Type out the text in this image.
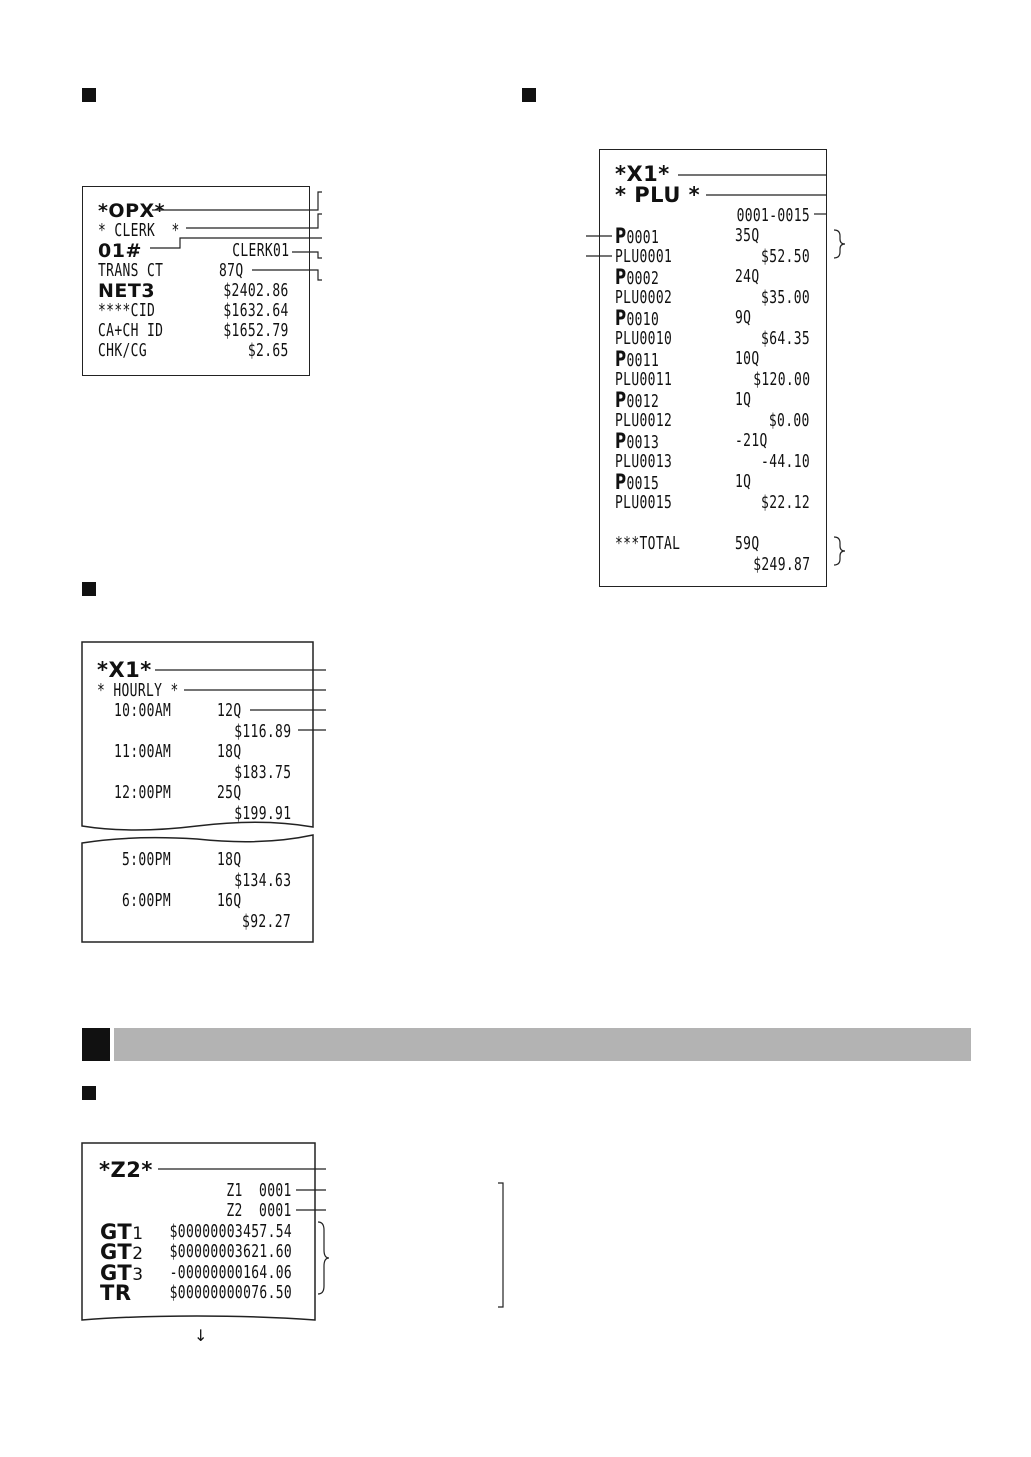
*OPX*
* CLERK  *
01#	CLERK01
TRANS CT	87Q
NET3	$2402.86
****CID	$1632.64
CA+CH ID	$1652.79
CHK/CG	$2.65
*X1*
* PLU *
0001-0015
P0001	35Q
PLU0001	$52.50
P0002	24Q
PLU0002	$35.00
P0010	9Q
PLU0010	$64.35
P0011	10Q
PLU0011	$120.00
P0012	1Q
PLU0012	$0.00
P0013	-21Q
PLU0013	-44.10
P0015	1Q
PLU0015	$22.12
***TOTAL	59Q
$249.87
*X1*
* HOURLY *
10:00AM	12Q
$116.89
11:00AM	18Q
$183.75
12:00PM	25Q
$199.91
5:00PM	18Q
$134.63
6:00PM	16Q
$92.27
*Z2*
Z1  0001
Z2  0001
GT1 $00000003457.54
GT2 $00000003621.60
GT3 -00000000164.06
TR $00000000076.50
↓
